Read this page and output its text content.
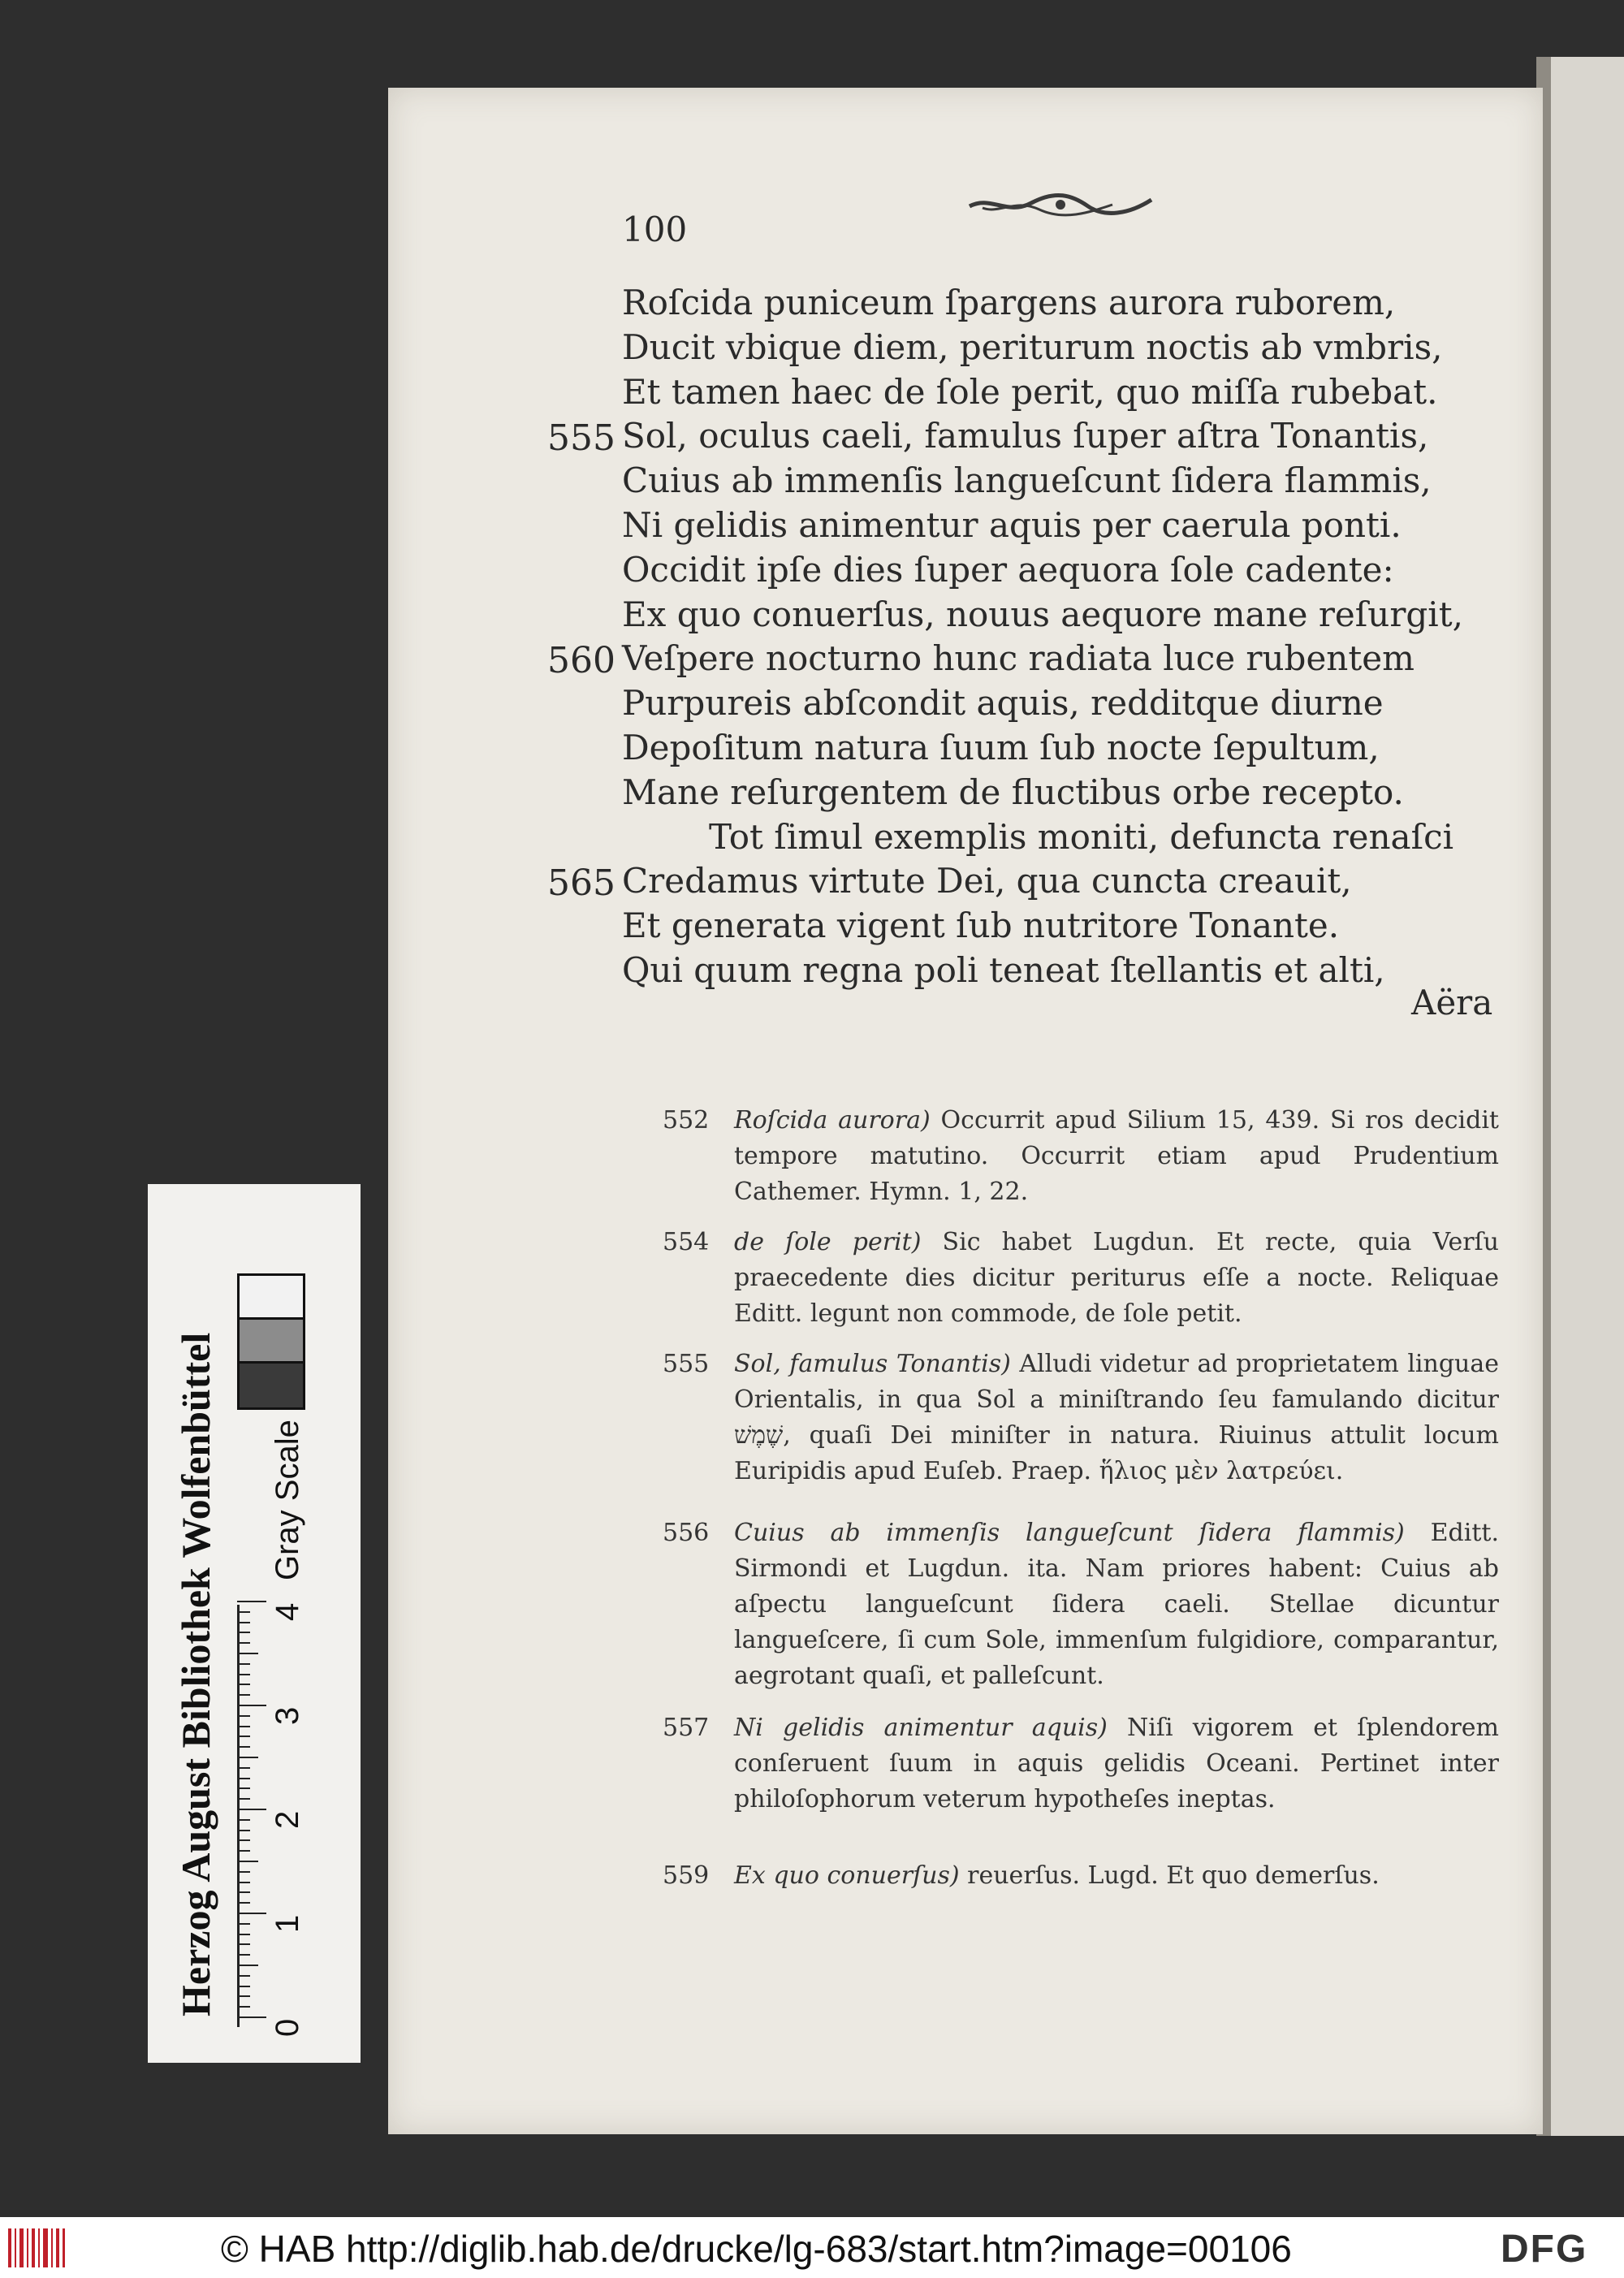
100
Roſcida puniceum ſpargens aurora ruborem,
Ducit vbique diem, periturum noctis ab vmbris,
Et tamen haec de ſole perit, quo miſſa rubebat.
Sol, oculus caeli, famulus ſuper aſtra Tonantis,
555
Cuius ab immenſis langueſcunt ſidera flammis,
Ni gelidis animentur aquis per caerula ponti.
Occidit ipſe dies ſuper aequora ſole cadente:
Ex quo conuerſus, nouus aequore mane reſurgit,
Veſpere nocturno hunc radiata luce rubentem
560
Purpureis abſcondit aquis, redditque diurne
Depoſitum natura ſuum ſub nocte ſepultum,
Mane reſurgentem de fluctibus orbe recepto.
Tot ſimul exemplis moniti, defuncta renaſci
Credamus virtute Dei, qua cuncta creauit,
565
Et generata vigent ſub nutritore Tonante.
Qui quum regna poli teneat ſtellantis et alti,
Aëra
552	Roſcida aurora) Occurrit apud Silium 15, 439. Si ros decidit tempore matutino. Occurrit etiam apud Prudentium Cathemer. Hymn. 1, 22.
554	de ſole perit) Sic habet Lugdun. Et recte, quia Verſu praecedente dies dicitur periturus eſſe a nocte. Reliquae Editt. legunt non commode, de ſole petit.
555	Sol, famulus Tonantis) Alludi videtur ad proprietatem linguae Orientalis, in qua Sol a miniſtrando ſeu famulando dicitur שֶׁמֶשׁ, quaſi Dei miniſter in natura. Riuinus attulit locum Euripidis apud Euſeb. Praep. ἥλιος μὲν λατρεύει.
556	Cuius ab immenſis langueſcunt ſidera flammis) Editt. Sirmondi et Lugdun. ita. Nam priores habent: Cuius ab aſpectu langueſcunt ſidera caeli. Stellae dicuntur langueſcere, ſi cum Sole, immenſum fulgidiore, comparantur, aegrotant quaſi, et palleſcunt.
557	Ni gelidis animentur aquis) Niſi vigorem et ſplendorem conſeruent ſuum in aquis gelidis Oceani. Pertinet inter philoſophorum veterum hypotheſes ineptas.
559	Ex quo conuerſus) reuerſus. Lugd. Et quo demerſus.
Herzog August Bibliothek Wolfenbüttel Gray Scale
0
1
2
3
4
© HAB http://diglib.hab.de/drucke/lg-683/start.htm?image=00106	DFG
